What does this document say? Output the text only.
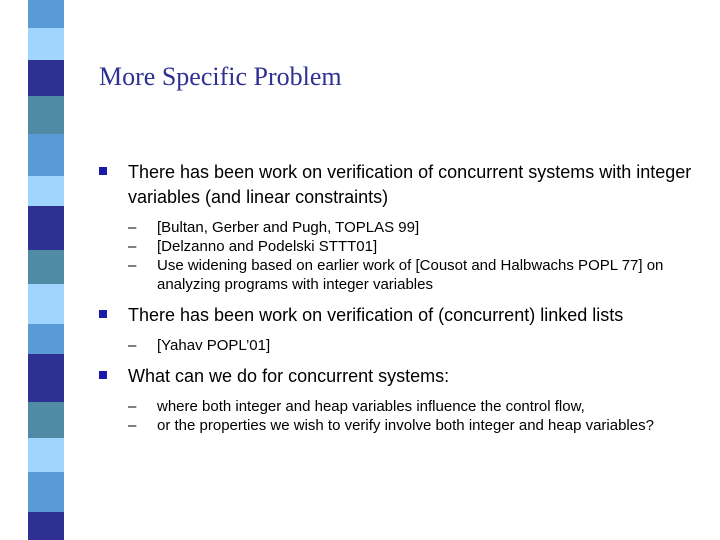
More Specific Problem
There has been work on verification of concurrent systems with integer variables (and linear constraints)
– [Bultan, Gerber and Pugh, TOPLAS 99]
– [Delzanno and Podelski STTT01]
– Use widening based on earlier work of [Cousot and Halbwachs POPL 77] on analyzing programs with integer variables
There has been work on verification of (concurrent) linked lists
– [Yahav POPL’01]
What can we do for concurrent systems:
– where both integer and heap variables influence the control flow,
– or the properties we wish to verify involve both integer and heap variables?
